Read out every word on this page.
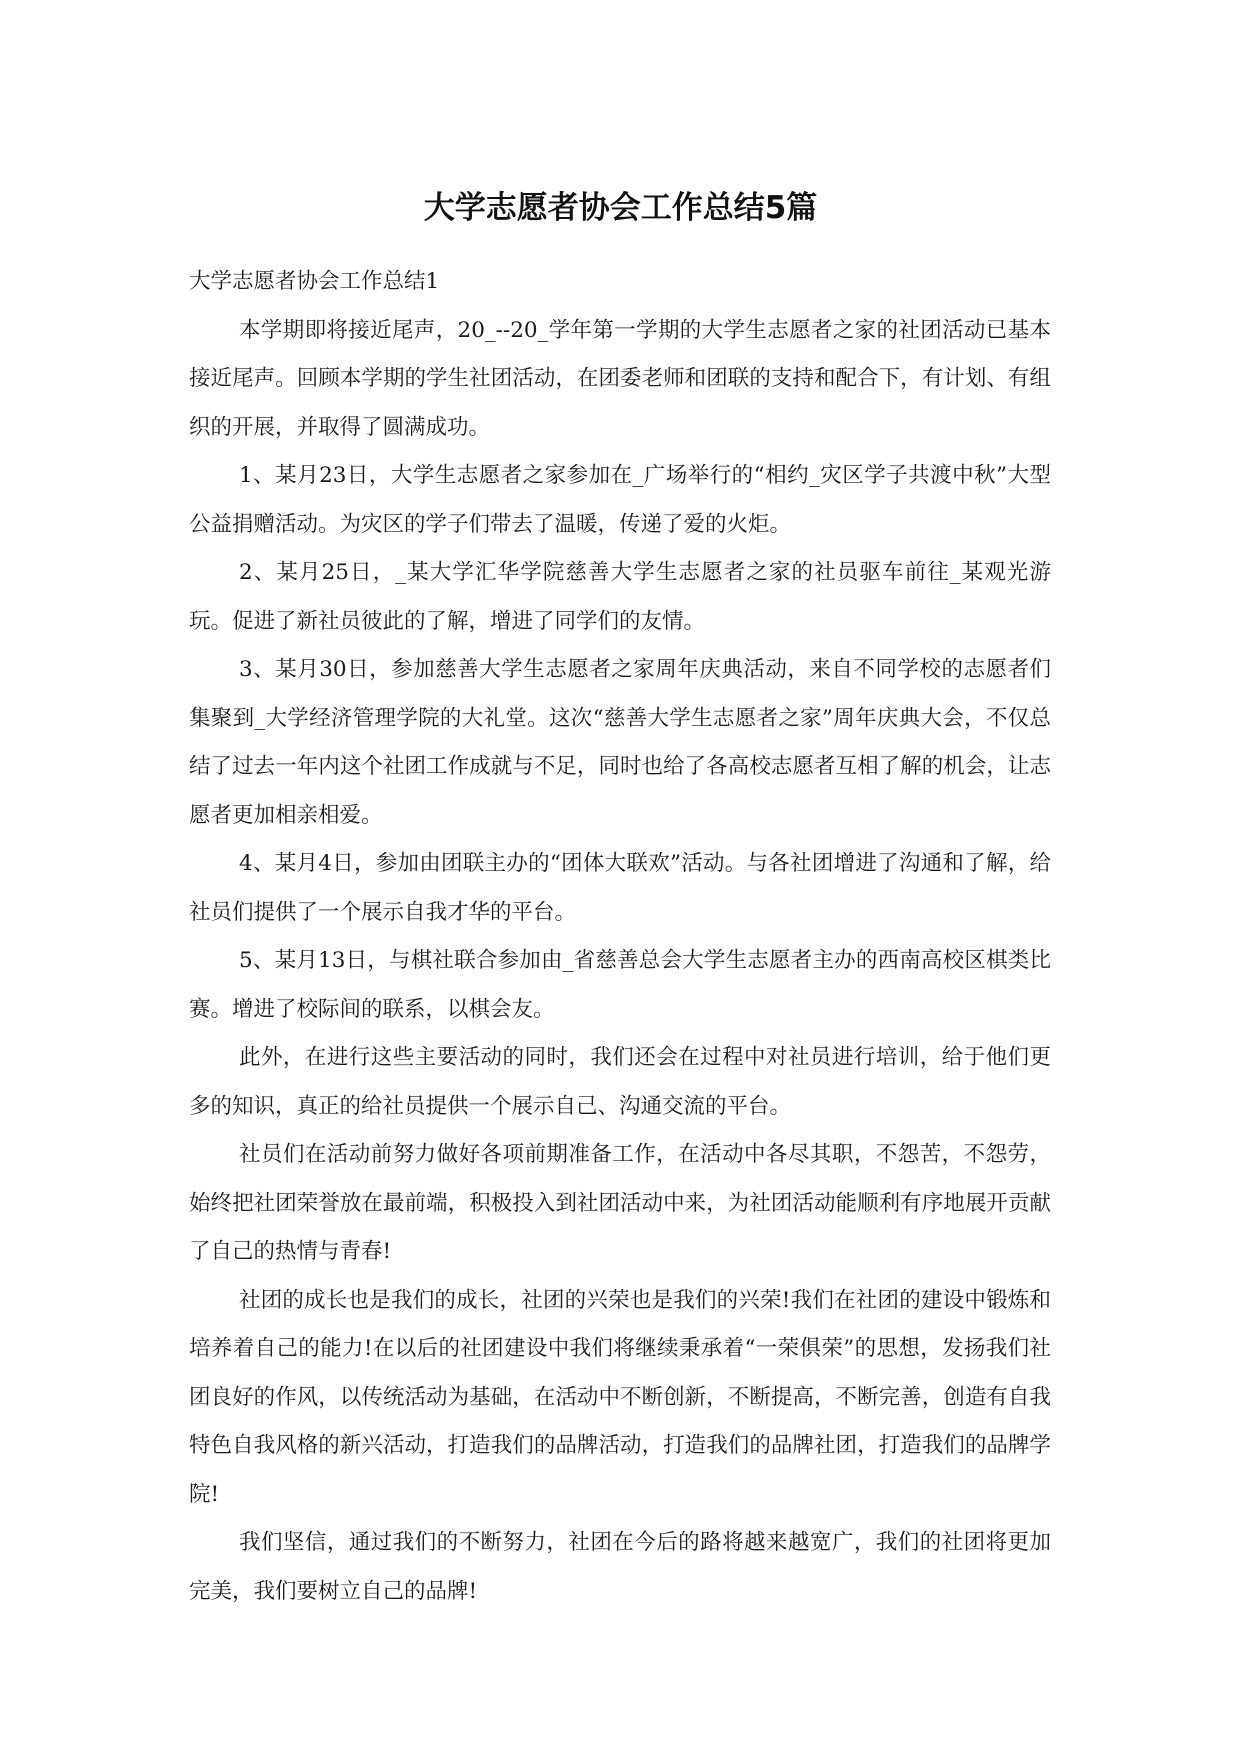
大学志愿者协会工作总结5篇

大学志愿者协会工作总结1

本学期即将接近尾声，20_--20_学年第一学期的大学生志愿者之家的社团活动已基本接近尾声。回顾本学期的学生社团活动，在团委老师和团联的支持和配合下，有计划、有组织的开展，并取得了圆满成功。

1、某月23日，大学生志愿者之家参加在_广场举行的“相约_灾区学子共渡中秋”大型公益捐赠活动。为灾区的学子们带去了温暖，传递了爱的火炬。

2、某月25日，_某大学汇华学院慈善大学生志愿者之家的社员驱车前往_某观光游玩。促进了新社员彼此的了解，增进了同学们的友情。

3、某月30日，参加慈善大学生志愿者之家周年庆典活动，来自不同学校的志愿者们集聚到_大学经济管理学院的大礼堂。这次“慈善大学生志愿者之家”周年庆典大会，不仅总结了过去一年内这个社团工作成就与不足，同时也给了各高校志愿者互相了解的机会，让志愿者更加相亲相爱。

4、某月4日，参加由团联主办的“团体大联欢”活动。与各社团增进了沟通和了解，给社员们提供了一个展示自我才华的平台。

5、某月13日，与棋社联合参加由_省慈善总会大学生志愿者主办的西南高校区棋类比赛。增进了校际间的联系，以棋会友。

此外，在进行这些主要活动的同时，我们还会在过程中对社员进行培训，给于他们更多的知识，真正的给社员提供一个展示自己、沟通交流的平台。

社员们在活动前努力做好各项前期准备工作，在活动中各尽其职，不怨苦，不怨劳，始终把社团荣誉放在最前端，积极投入到社团活动中来，为社团活动能顺利有序地展开贡献了自己的热情与青春!

社团的成长也是我们的成长，社团的兴荣也是我们的兴荣!我们在社团的建设中锻炼和培养着自己的能力!在以后的社团建设中我们将继续秉承着“一荣俱荣”的思想，发扬我们社团良好的作风，以传统活动为基础，在活动中不断创新，不断提高，不断完善，创造有自我特色自我风格的新兴活动，打造我们的品牌活动，打造我们的品牌社团，打造我们的品牌学院!

我们坚信，通过我们的不断努力，社团在今后的路将越来越宽广，我们的社团将更加完美，我们要树立自己的品牌!
